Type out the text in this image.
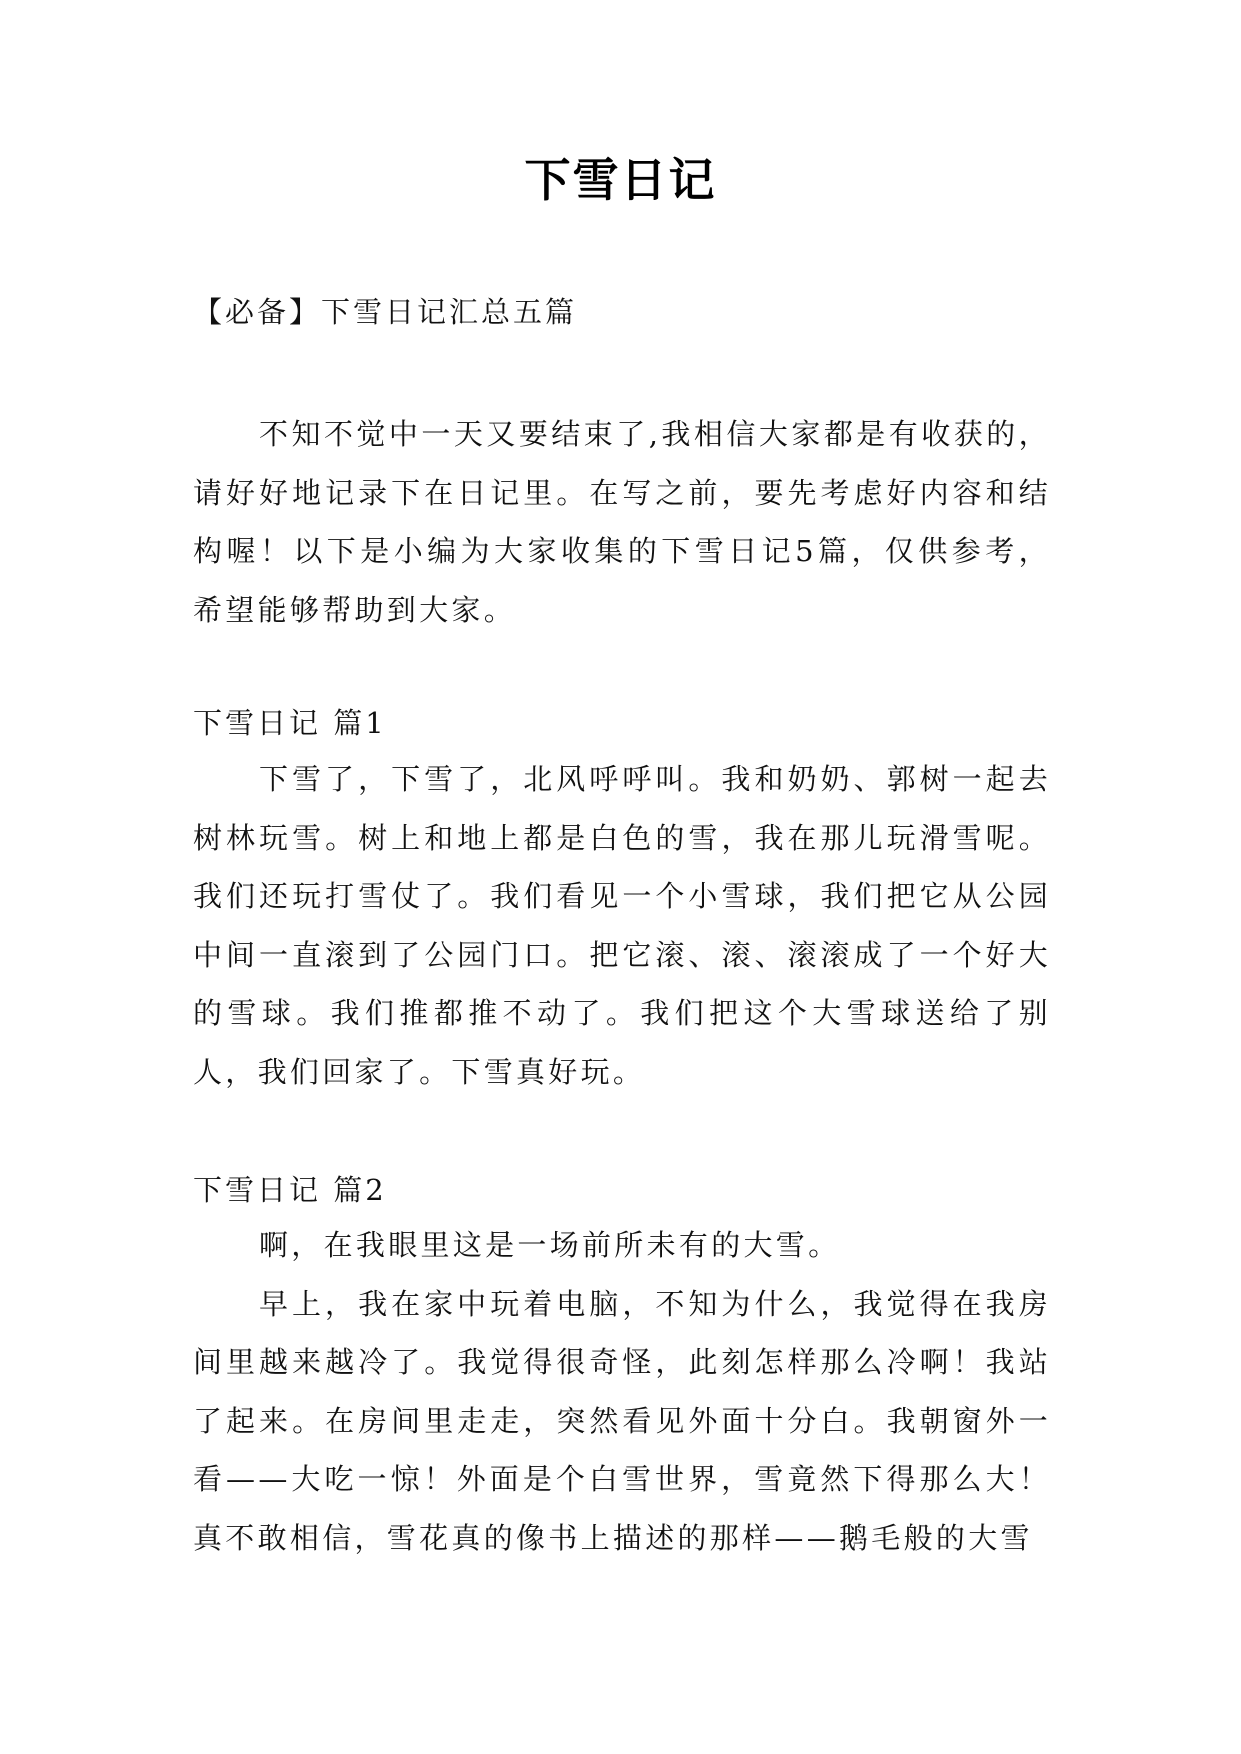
下雪日记
【必备】下雪日记汇总五篇

不知不觉中一天又要结束了,我相信大家都是有收获的，请好好地记录下在日记里。在写之前，要先考虑好内容和结构喔！以下是小编为大家收集的下雪日记5篇，仅供参考，希望能够帮助到大家。

下雪日记 篇1

下雪了，下雪了，北风呼呼叫。我和奶奶、郭树一起去树林玩雪。树上和地上都是白色的雪，我在那儿玩滑雪呢。我们还玩打雪仗了。我们看见一个小雪球，我们把它从公园中间一直滚到了公园门口。把它滚、滚、滚滚成了一个好大的雪球。我们推都推不动了。我们把这个大雪球送给了别人，我们回家了。下雪真好玩。

下雪日记 篇2

啊，在我眼里这是一场前所未有的大雪。

早上，我在家中玩着电脑，不知为什么，我觉得在我房间里越来越冷了。我觉得很奇怪，此刻怎样那么冷啊！我站了起来。在房间里走走，突然看见外面十分白。我朝窗外一看——大吃一惊！外面是个白雪世界，雪竟然下得那么大！真不敢相信，雪花真的像书上描述的那样——鹅毛般的大雪
